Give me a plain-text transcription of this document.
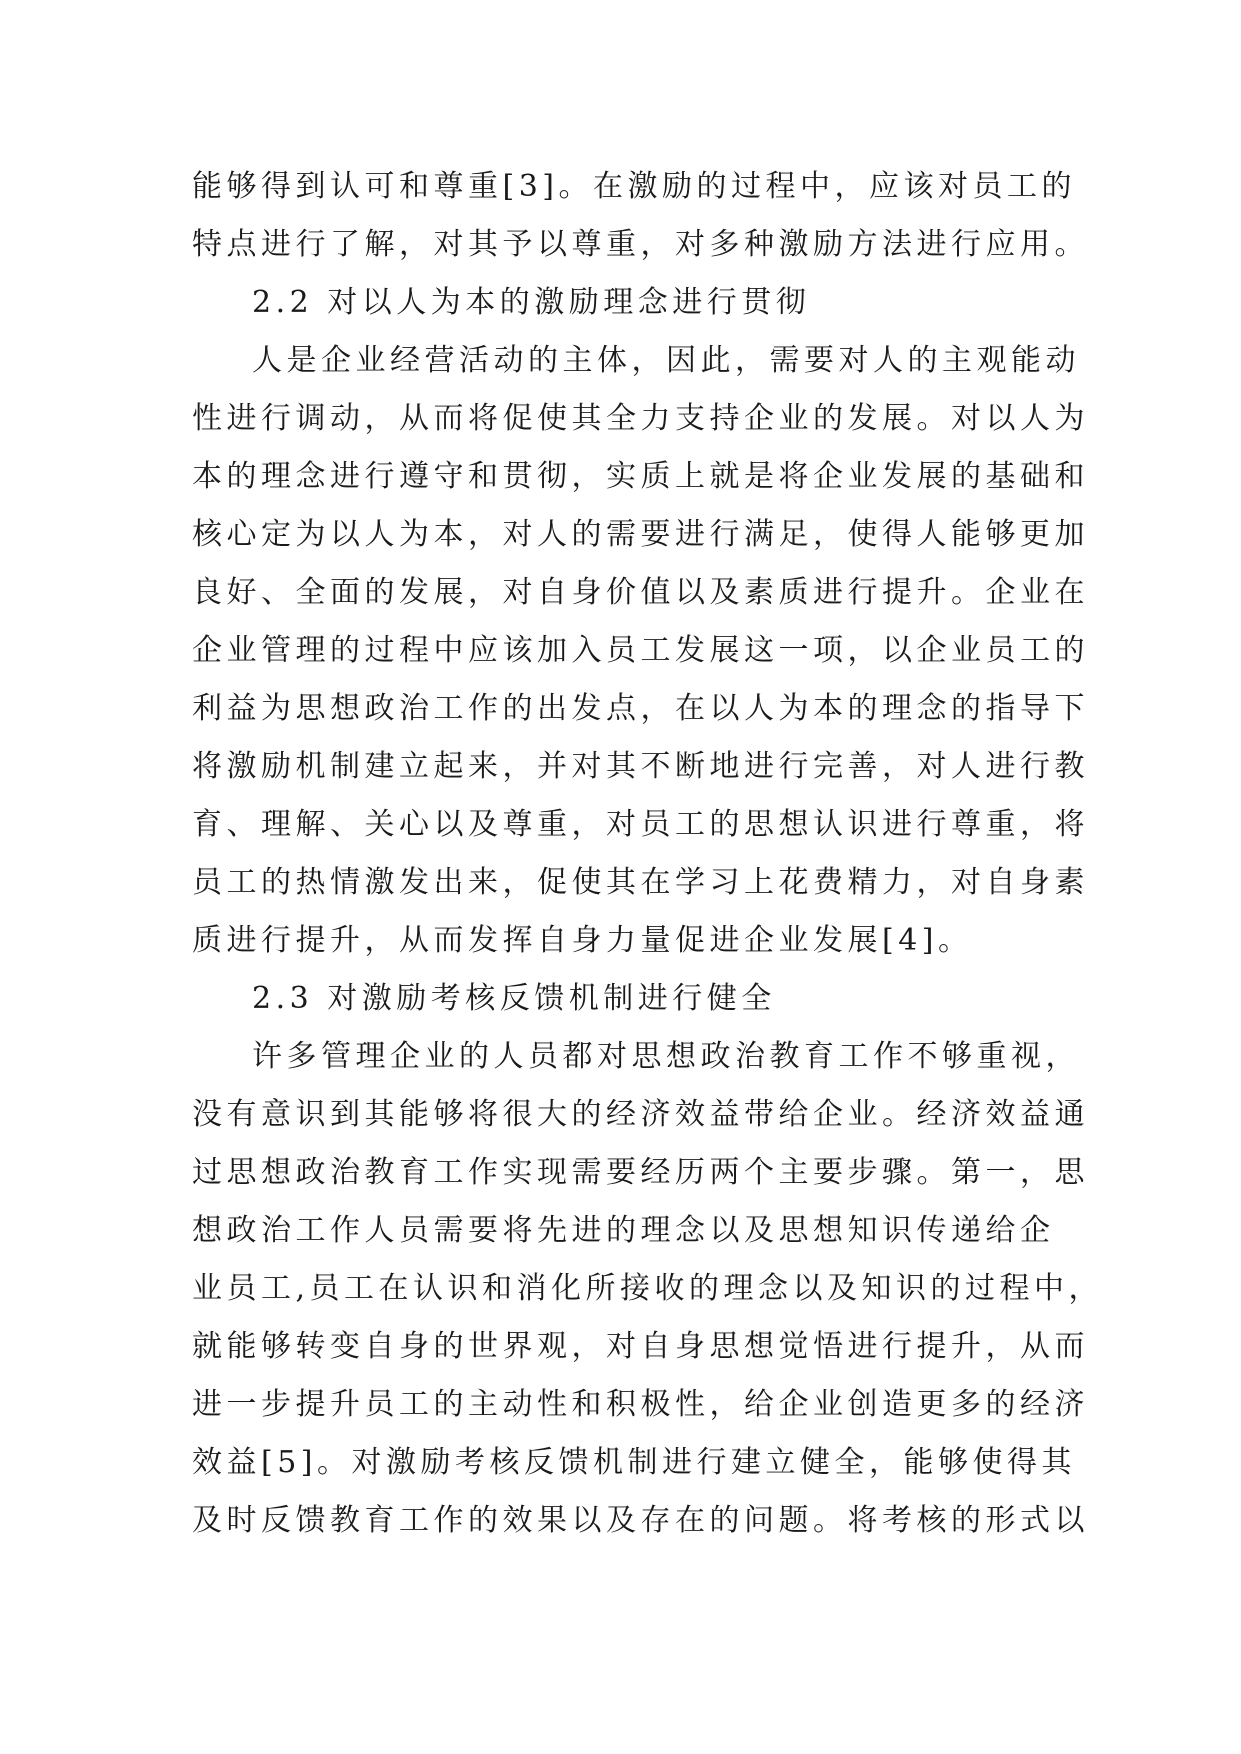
能够得到认可和尊重[3]。在激励的过程中，应该对员工的
特点进行了解，对其予以尊重，对多种激励方法进行应用。
2.2 对以人为本的激励理念进行贯彻
人是企业经营活动的主体，因此，需要对人的主观能动
性进行调动，从而将促使其全力支持企业的发展。对以人为
本的理念进行遵守和贯彻，实质上就是将企业发展的基础和
核心定为以人为本，对人的需要进行满足，使得人能够更加
良好、全面的发展，对自身价值以及素质进行提升。企业在
企业管理的过程中应该加入员工发展这一项，以企业员工的
利益为思想政治工作的出发点，在以人为本的理念的指导下
将激励机制建立起来，并对其不断地进行完善，对人进行教
育、理解、关心以及尊重，对员工的思想认识进行尊重，将
员工的热情激发出来，促使其在学习上花费精力，对自身素
质进行提升，从而发挥自身力量促进企业发展[4]。
2.3 对激励考核反馈机制进行健全
许多管理企业的人员都对思想政治教育工作不够重视，
没有意识到其能够将很大的经济效益带给企业。经济效益通
过思想政治教育工作实现需要经历两个主要步骤。第一，思
想政治工作人员需要将先进的理念以及思想知识传递给企
业员工,员工在认识和消化所接收的理念以及知识的过程中，
就能够转变自身的世界观，对自身思想觉悟进行提升，从而
进一步提升员工的主动性和积极性，给企业创造更多的经济
效益[5]。对激励考核反馈机制进行建立健全，能够使得其
及时反馈教育工作的效果以及存在的问题。将考核的形式以
